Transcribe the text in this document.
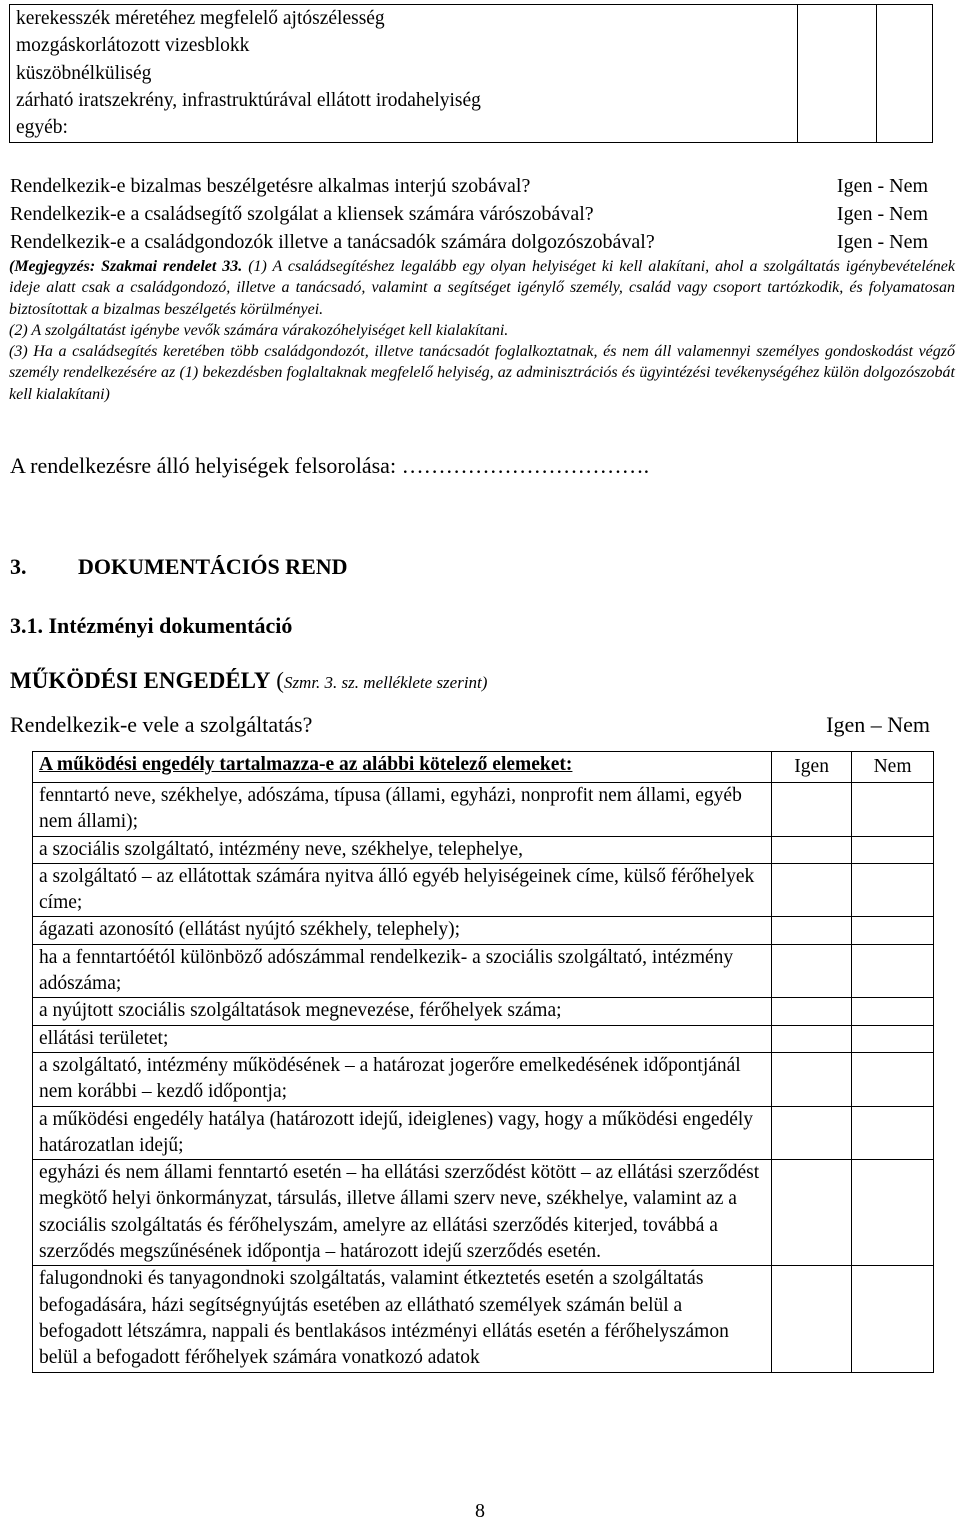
kerekesszék méretéhez megfelelő ajtószélesség
mozgáskorlátozott vizesblokk
küszöbnélküliség
zárható iratszekrény, infrastruktúrával ellátott irodahelyiség
egyéb:

Rendelkezik-e bizalmas beszélgetésre alkalmas interjú szobával?	Igen - Nem
Rendelkezik-e a családsegítő szolgálat a kliensek számára várószobával?	Igen - Nem
Rendelkezik-e a családgondozók illetve a tanácsadók számára dolgozószobával?	Igen - Nem

(Megjegyzés: Szakmai rendelet 33. (1) A családsegítéshez legalább egy olyan helyiséget ki kell alakítani, ahol a szolgáltatás igénybevételének ideje alatt csak a családgondozó, illetve a tanácsadó, valamint a segítséget igénylő személy, család vagy csoport tartózkodik, és folyamatosan biztosítottak a bizalmas beszélgetés körülményei.

(2) A szolgáltatást igénybe vevők számára várakozóhelyiséget kell kialakítani.

(3) Ha a családsegítés keretében több családgondozót, illetve tanácsadót foglalkoztatnak, és nem áll valamennyi személyes gondoskodást végző személy rendelkezésére az (1) bekezdésben foglaltaknak megfelelő helyiség, az adminisztrációs és ügyintézési tevékenységéhez külön dolgozószobát kell kialakítani)

A rendelkezésre álló helyiségek felsorolása: …………………………….
3. DOKUMENTÁCIÓS REND
3.1. Intézményi dokumentáció
MŰKÖDÉSI ENGEDÉLY (Szmr. 3. sz. melléklete szerint)
Rendelkezik-e vele a szolgáltatás?	Igen – Nem
A működési engedély tartalmazza-e az alábbi kötelező elemeket:	Igen	Nem
fenntartó neve, székhelye, adószáma, típusa (állami, egyházi, nonprofit nem állami, egyéb nem állami);		
a szociális szolgáltató, intézmény neve, székhelye, telephelye,		
a szolgáltató – az ellátottak számára nyitva álló egyéb helyiségeinek címe, külső férőhelyek címe;		
ágazati azonosító (ellátást nyújtó székhely, telephely);		
ha a fenntartóétól különböző adószámmal rendelkezik- a szociális szolgáltató, intézmény adószáma;		
a nyújtott szociális szolgáltatások megnevezése, férőhelyek száma;		
ellátási területet;		
a szolgáltató, intézmény működésének – a határozat jogerőre emelkedésének időpontjánál nem korábbi – kezdő időpontja;		
a működési engedély hatálya (határozott idejű, ideiglenes) vagy, hogy a működési engedély határozatlan idejű;		
egyházi és nem állami fenntartó esetén – ha ellátási szerződést kötött – az ellátási szerződést megkötő helyi önkormányzat, társulás, illetve állami szerv neve, székhelye, valamint az a szociális szolgáltatás és férőhelyszám, amelyre az ellátási szerződés kiterjed, továbbá a szerződés megszűnésének időpontja – határozott idejű szerződés esetén.		
falugondnoki és tanyagondnoki szolgáltatás, valamint étkeztetés esetén a szolgáltatás befogadására, házi segítségnyújtás esetében az ellátható személyek számán belül a befogadott létszámra, nappali és bentlakásos intézményi ellátás esetén a férőhelyszámon belül a befogadott férőhelyek számára vonatkozó adatok		
8
